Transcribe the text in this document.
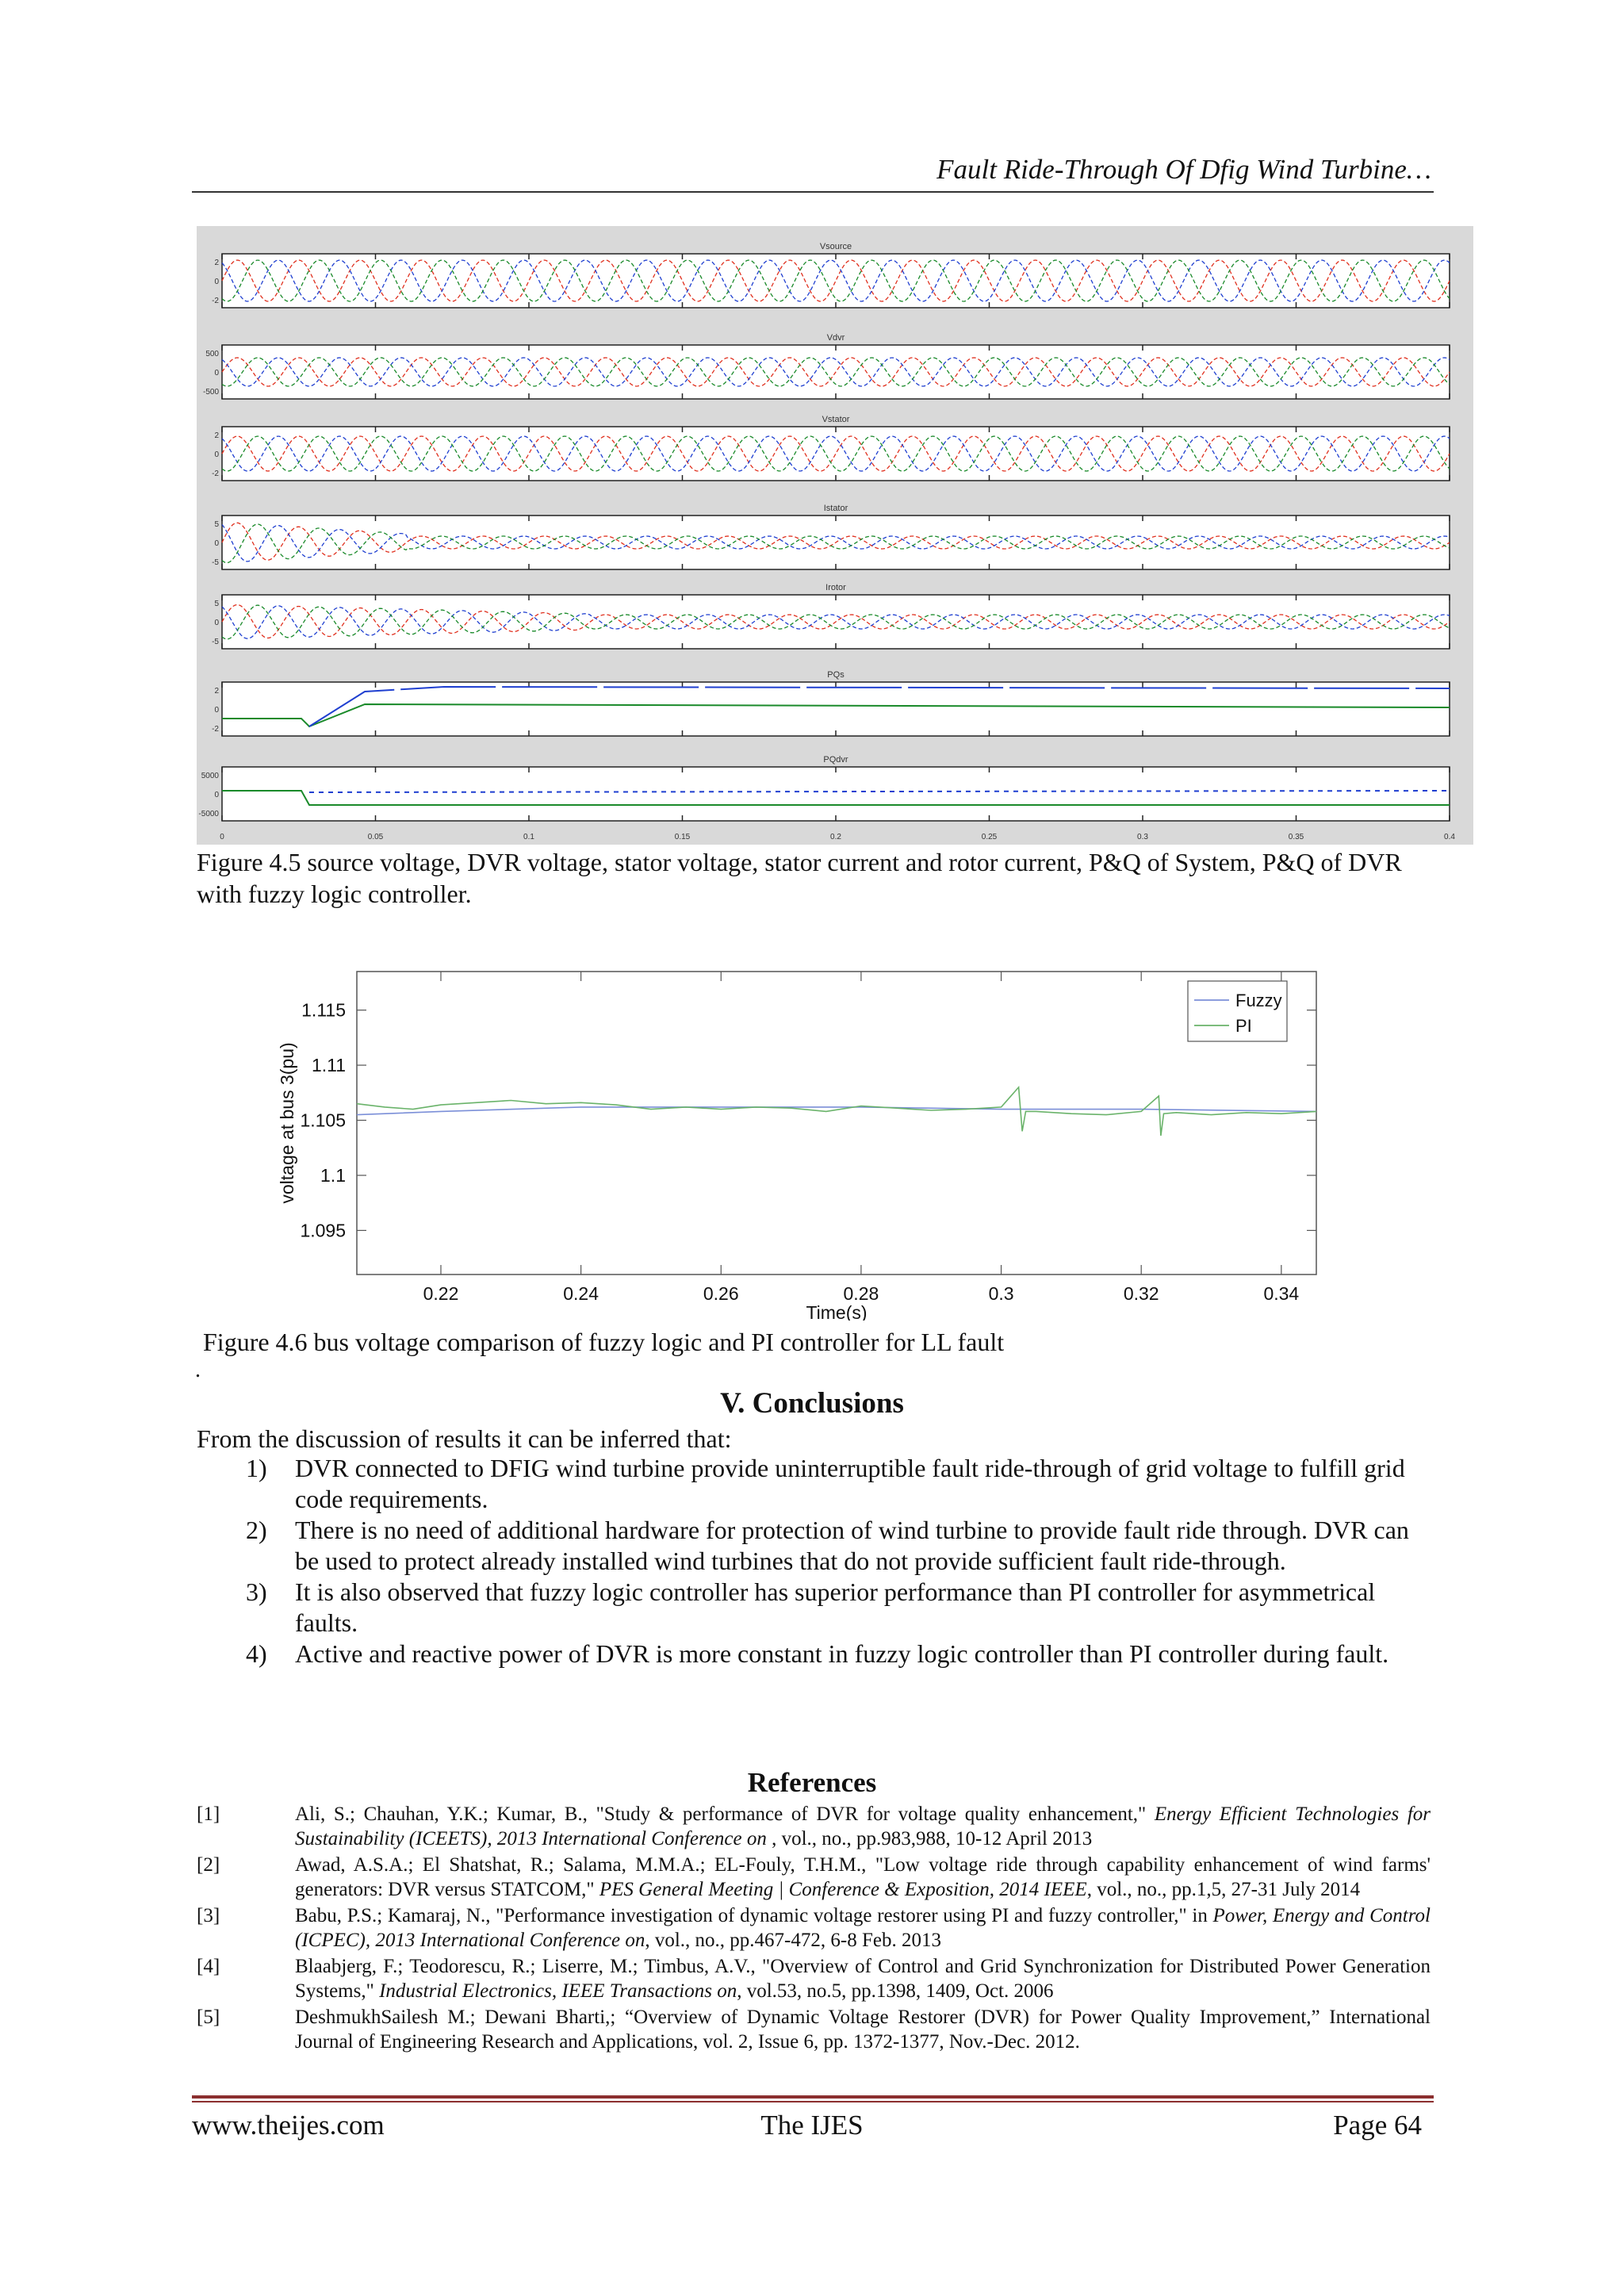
Fault Ride-Through Of Dfig Wind Turbine…
Vsource
2
0
-2
Vdvr
500
0
-500
Vstator
2
0
-2
Istator
5
0
-5
Irotor
5
0
-5
PQs
2
0
-2
PQdvr
5000
0
-5000
0	0.05	0.1	0.15	0.2	0.25	0.3	0.35	0.4
Figure 4.5 source voltage, DVR voltage, stator voltage, stator current and rotor current, P&Q of System, P&Q of DVR with fuzzy logic controller.
0.22	0.24	0.26	0.28	0.3	0.32	0.34
1.115
1.11
1.105
1.1
1.095
Time(s)
voltage at bus 3(pu)
Fuzzy
PI
Figure 4.6 bus voltage comparison of fuzzy logic and PI controller for LL fault
.
V. Conclusions
From the discussion of results it can be inferred that:
1) DVR connected to DFIG wind turbine provide uninterruptible fault ride-through of grid voltage to fulfill grid code requirements.
2) There is no need of additional hardware for protection of wind turbine to provide fault ride through. DVR can be used to protect already installed wind turbines that do not provide sufficient fault ride-through.
3) It is also observed that fuzzy logic controller has superior performance than PI controller for asymmetrical faults.
4) Active and reactive power of DVR is more constant in fuzzy logic controller than PI controller during fault.
References
[1]	Ali, S.; Chauhan, Y.K.; Kumar, B., "Study & performance of DVR for voltage quality enhancement," Energy Efficient Technologies for Sustainability (ICEETS), 2013 International Conference on , vol., no., pp.983,988, 10-12 April 2013
[2]	Awad, A.S.A.; El Shatshat, R.; Salama, M.M.A.; EL-Fouly, T.H.M., "Low voltage ride through capability enhancement of wind farms' generators: DVR versus STATCOM," PES General Meeting | Conference & Exposition, 2014 IEEE, vol., no., pp.1,5, 27-31 July 2014
[3]	Babu, P.S.; Kamaraj, N., "Performance investigation of dynamic voltage restorer using PI and fuzzy controller," in Power, Energy and Control (ICPEC), 2013 International Conference on, vol., no., pp.467-472, 6-8 Feb. 2013
[4]	Blaabjerg, F.; Teodorescu, R.; Liserre, M.; Timbus, A.V., "Overview of Control and Grid Synchronization for Distributed Power Generation Systems," Industrial Electronics, IEEE Transactions on, vol.53, no.5, pp.1398, 1409, Oct. 2006
[5]	DeshmukhSailesh M.; Dewani Bharti,; “Overview of Dynamic Voltage Restorer (DVR) for Power Quality Improvement,” International Journal of Engineering Research and Applications, vol. 2, Issue 6, pp. 1372-1377, Nov.-Dec. 2012.
www.theijes.com	The IJES	Page 64
